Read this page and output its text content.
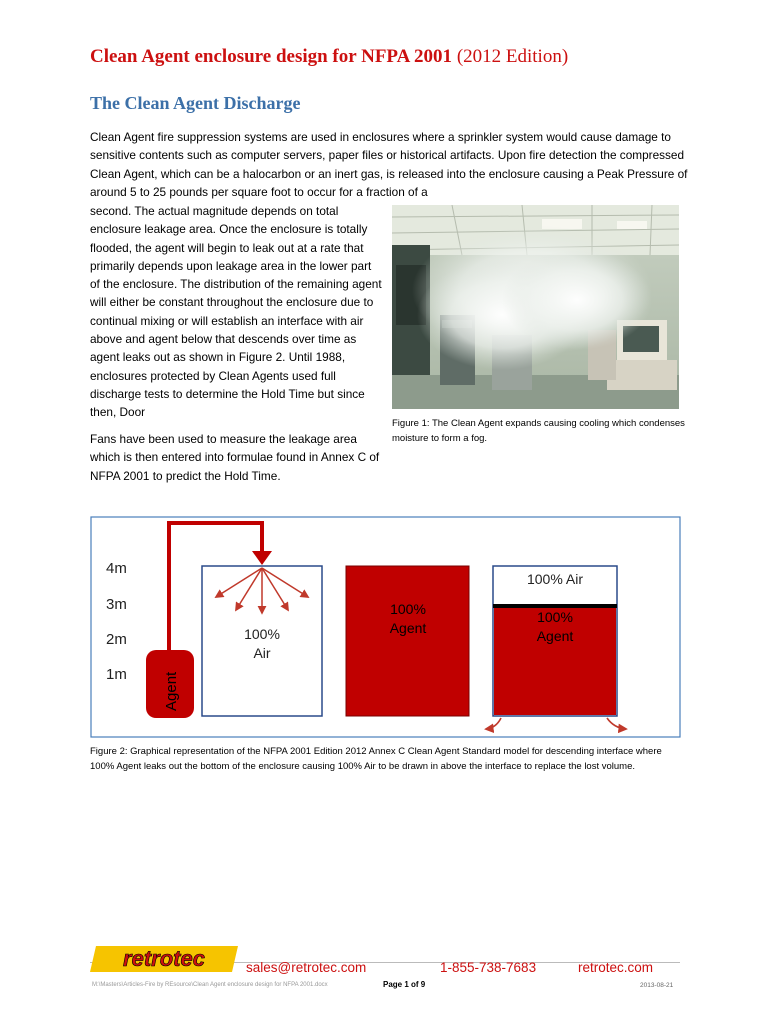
Clean Agent enclosure design for NFPA 2001 (2012 Edition)
The Clean Agent Discharge
Clean Agent fire suppression systems are used in enclosures where a sprinkler system would cause damage to sensitive contents such as computer servers, paper files or historical artifacts. Upon fire detection the compressed Clean Agent, which can be a halocarbon or an inert gas, is released into the enclosure causing a Peak Pressure of around 5 to 25 pounds per square foot to occur for a fraction of a
second. The actual magnitude depends on total enclosure leakage area. Once the enclosure is totally flooded, the agent will begin to leak out at a rate that primarily depends upon leakage area in the lower part of the enclosure. The distribution of the remaining agent will either be constant throughout the enclosure due to continual mixing or will establish an interface with air above and agent below that descends over time as agent leaks out as shown in Figure 2. Until 1988, enclosures protected by Clean Agents used full discharge tests to determine the Hold Time but since then, Door
Fans have been used to measure the leakage area which is then entered into formulae found in Annex C of NFPA 2001 to predict the Hold Time.
Figure 1: The Clean Agent expands causing cooling which condenses moisture to form a fog.
4m
3m
2m
1m Agent
100%
Air
100%
Agent
100% Air
100%
Agent
Figure 2: Graphical representation of the NFPA 2001 Edition 2012 Annex C Clean Agent Standard model for descending interface where 100% Agent leaks out the bottom of the enclosure causing 100% Air to be drawn in above the interface to replace the lost volume.
retrotec	sales@retrotec.com	1-855-738-7683	retrotec.com
M:\Masters\Articles-Fire by REsource\Clean Agent enclosure design for NFPA 2001.docx	Page 1 of 9	2013-08-21
